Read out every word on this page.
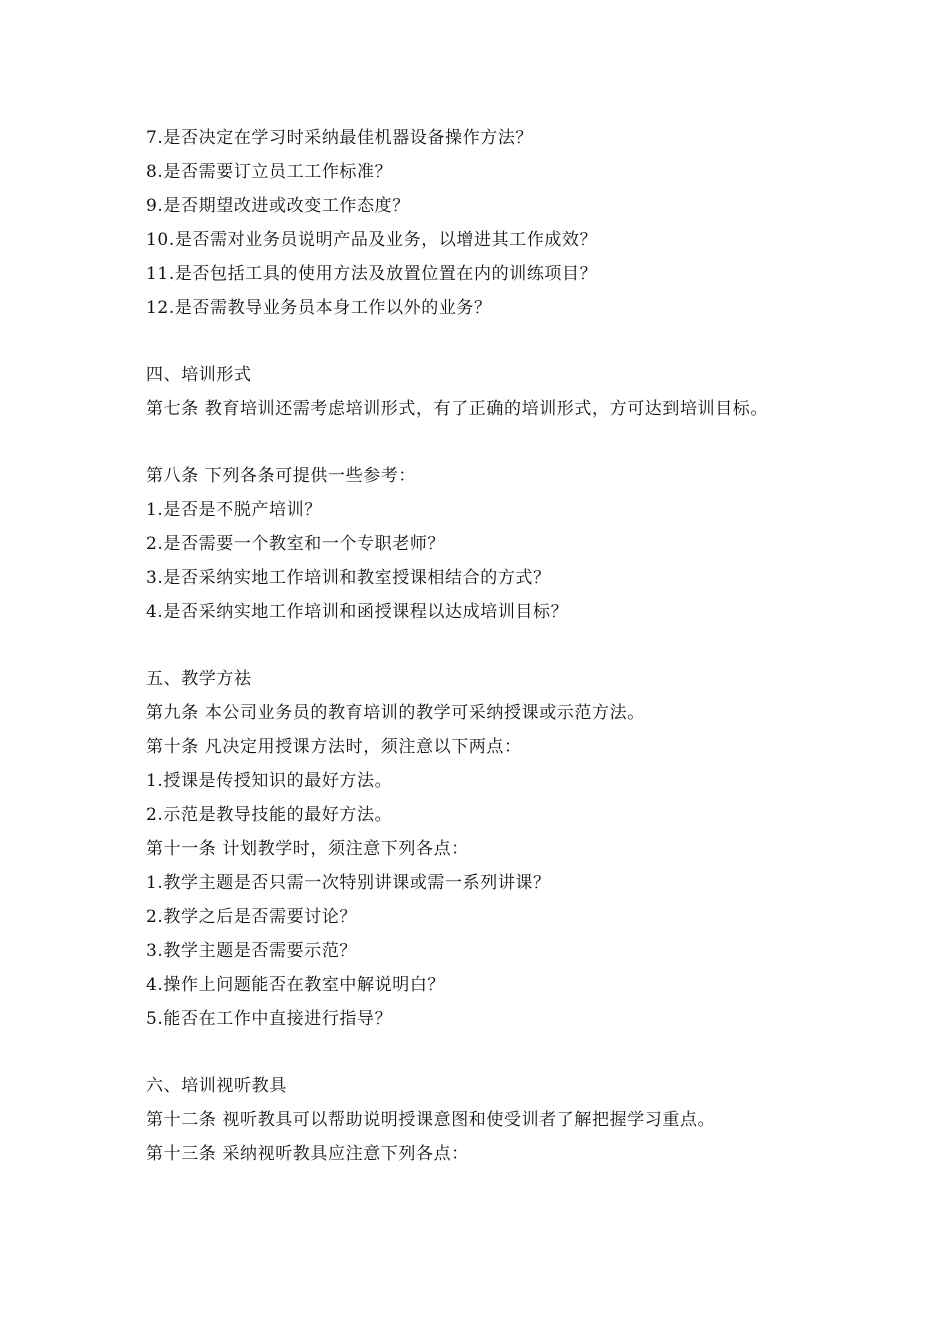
7.是否决定在学习时采纳最佳机器设备操作方法？
8.是否需要订立员工工作标准？
9.是否期望改进或改变工作态度？
10.是否需对业务员说明产品及业务，以增进其工作成效？
11.是否包括工具的使用方法及放置位置在内的训练项目？
12.是否需教导业务员本身工作以外的业务？
四、培训形式
第七条 教育培训还需考虑培训形式，有了正确的培训形式，方可达到培训目标。
第八条 下列各条可提供一些参考：
1.是否是不脱产培训？
2.是否需要一个教室和一个专职老师？
3.是否采纳实地工作培训和教室授课相结合的方式？
4.是否采纳实地工作培训和函授课程以达成培训目标？
五、教学方祛
第九条 本公司业务员的教育培训的教学可采纳授课或示范方法。
第十条 凡决定用授课方法时，须注意以下两点：
1.授课是传授知识的最好方法。
2.示范是教导技能的最好方法。
第十一条 计划教学时，须注意下列各点：
1.教学主题是否只需一次特别讲课或需一系列讲课？
2.教学之后是否需要讨论？
3.教学主题是否需要示范？
4.操作上问题能否在教室中解说明白？
5.能否在工作中直接进行指导？
六、培训视听教具
第十二条 视听教具可以帮助说明授课意图和使受训者了解把握学习重点。
第十三条 采纳视听教具应注意下列各点：
